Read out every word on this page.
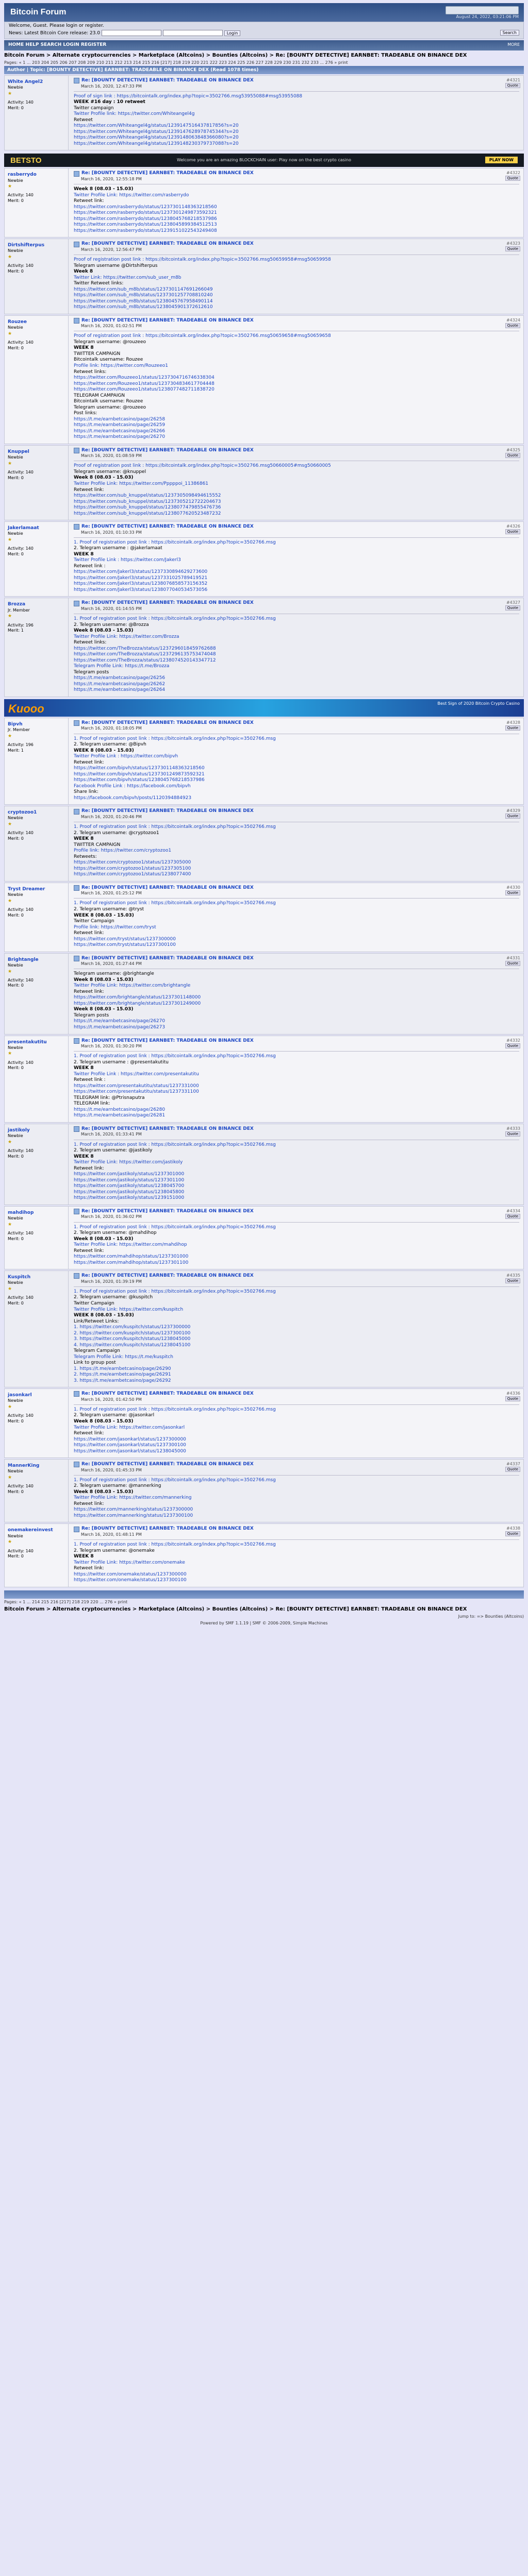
Bitcoin Forum
August 24, 2022, 03:21:06 PM
Welcome, Guest. Please login or register.
News: Latest Bitcoin Core release: 23.0	Login	Search
HOME HELP SEARCH LOGIN REGISTER	MORE
Bitcoin Forum > Alternate cryptocurrencies > Marketplace (Altcoins) > Bounties (Altcoins) > Re: [BOUNTY DETECTIVE] EARNBET: TRADEABLE ON BINANCE DEX
Pages: « 1 ... 203 204 205 206 207 208 209 210 211 212 213 214 215 216 [217] 218 219 220 221 222 223 224 225 226 227 228 229 230 231 232 233 ... 276 » print
Author | Topic: [BOUNTY DETECTIVE] EARNBET: TRADEABLE ON BINANCE DEX (Read 1078 times)
White Angel2
Newbie
★
Activity: 140
Merit: 0
Re: [BOUNTY DETECTIVE] EARNBET: TRADEABLE ON BINANCE DEX
March 16, 2020, 12:47:33 PM
Proof of sign link : https://bitcointalk.org/index.php?topic=3502766.msg53955088#msg53955088
WEEK #16 day : 10 retweet
Twitter campaign
Twitter Profile link: https://twitter.com/Whiteangel4g
Retweet
https://twitter.com/Whiteangel4g/status/1239147516437817856?s=20
https://twitter.com/Whiteangel4g/status/1239147628978745344?s=20
https://twitter.com/Whiteangel4g/status/1239148063848366080?s=20
https://twitter.com/Whiteangel4g/status/1239148230379737088?s=20
#4321
Quote
BETSTO	Welcome you are an amazing BLOCKCHAIN user: Play now on the best crypto casino	PLAY NOW
rasberrydo
Newbie
★
Activity: 140
Merit: 0
Re: [BOUNTY DETECTIVE] EARNBET: TRADEABLE ON BINANCE DEX
March 16, 2020, 12:55:18 PM
Week 8 (08.03 - 15.03)
Twitter Profile Link: https://twitter.com/rasberrydo
Retweet link:
https://twitter.com/rasberrydo/status/1237301148363218560
https://twitter.com/rasberrydo/status/1237301249873592321
https://twitter.com/rasberrydo/status/1238045768218537986
https://twitter.com/rasberrydo/status/1238045899384512513
https://twitter.com/rasberrydo/status/1239151022543249408
#4322
Quote
Dirtshifterpus
Newbie
★
Activity: 140
Merit: 0
Re: [BOUNTY DETECTIVE] EARNBET: TRADEABLE ON BINANCE DEX
March 16, 2020, 12:56:47 PM
Proof of registration post link : https://bitcointalk.org/index.php?topic=3502766.msg50659958#msg50659958
Telegram username @Dirtshifterpus
Week 8
Twitter Link: https://twitter.com/sub_user_m8b
Twitter Retweet links:
https://twitter.com/sub_m8b/status/1237301147691266049
https://twitter.com/sub_m8b/status/1237301257708810240
https://twitter.com/sub_m8b/status/1238045767958490114
https://twitter.com/sub_m8b/status/1238045901372612610
#4323
Quote
Rouzee
Newbie
★
Activity: 140
Merit: 0
Re: [BOUNTY DETECTIVE] EARNBET: TRADEABLE ON BINANCE DEX
March 16, 2020, 01:02:51 PM
Proof of registration post link : https://bitcointalk.org/index.php?topic=3502766.msg50659658#msg50659658
Telegram username: @rouzeeo
WEEK 8
TWITTER CAMPAIGN
Bitcointalk username: Rouzee
Profile link: https://twitter.com/Rouzeeo1
Retweet links:
https://twitter.com/Rouzeeo1/status/1237304716746338304
https://twitter.com/Rouzeeo1/status/1237304834617704448
https://twitter.com/Rouzeeo1/status/1238077482711838720
TELEGRAM CAMPAIGN
Bitcointalk username: Rouzee
Telegram username: @rouzeeo
Post links:
https://t.me/earnbetcasino/page/26258
https://t.me/earnbetcasino/page/26259
https://t.me/earnbetcasino/page/26266
https://t.me/earnbetcasino/page/26270
#4324
Quote
Knuppel
Newbie
★
Activity: 140
Merit: 0
Re: [BOUNTY DETECTIVE] EARNBET: TRADEABLE ON BINANCE DEX
March 16, 2020, 01:08:59 PM
Proof of registration post link : https://bitcointalk.org/index.php?topic=3502766.msg50660005#msg50660005
Telegram username: @knuppel
Week 8 (08.03 - 15.03)
Twitter Profile Link: https://twitter.com/Pppppoi_11386861
Retweet link:
https://twitter.com/sub_knuppel/status/1237305098494615552
https://twitter.com/sub_knuppel/status/1237305212722204673
https://twitter.com/sub_knuppel/status/1238077479855476736
https://twitter.com/sub_knuppel/status/1238077620523487232
#4325
Quote
Jakerlamaat
Newbie
★
Activity: 140
Merit: 0
Re: [BOUNTY DETECTIVE] EARNBET: TRADEABLE ON BINANCE DEX
March 16, 2020, 01:10:33 PM
1. Proof of registration post link : https://bitcointalk.org/index.php?topic=3502766.msg
2. Telegram username : @jakerlamaat
WEEK 8
Twitter Profile Link : https://twitter.com/Jakerl3
Retweet link :
https://twitter.com/Jakerl3/status/1237330894629273600
https://twitter.com/Jakerl3/status/1237331025789419521
https://twitter.com/Jakerl3/status/1238076858573156352
https://twitter.com/Jakerl3/status/1238077040534573056
#4326
Quote
Brozza
Jr. Member
★
Activity: 196
Merit: 1
Re: [BOUNTY DETECTIVE] EARNBET: TRADEABLE ON BINANCE DEX
March 16, 2020, 01:14:55 PM
1. Proof of registration post link : https://bitcointalk.org/index.php?topic=3502766.msg
2. Telegram username: @Brozza
Week 8 (08.03 - 15.03)
Twitter Profile Link: https://twitter.com/Brozza
Retweet links:
https://twitter.com/TheBrozza/status/1237296018459762688
https://twitter.com/TheBrozza/status/1237296135753474048
https://twitter.com/TheBrozza/status/1238074520143347712
Telegram Profile Link: https://t.me/Brozza
Telegram posts
https://t.me/earnbetcasino/page/26256
https://t.me/earnbetcasino/page/26262
https://t.me/earnbetcasino/page/26264
#4327
Quote
Kuooo	Best Sign of 2020 Bitcoin Crypto Casino
Bipvh
Jr. Member
★
Activity: 196
Merit: 1
Re: [BOUNTY DETECTIVE] EARNBET: TRADEABLE ON BINANCE DEX
March 16, 2020, 01:18:05 PM
1. Proof of registration post link : https://bitcointalk.org/index.php?topic=3502766.msg
2. Telegram username: @Bipvh
WEEK 8 (08.03 - 15.03)
Twitter Profile Link : https://twitter.com/bipvh
Retweet link:
https://twitter.com/bipvh/status/1237301148363218560
https://twitter.com/bipvh/status/1237301249873592321
https://twitter.com/bipvh/status/1238045768218537986
Facebook Profile Link : https://facebook.com/bipvh
Share link:
https://facebook.com/bipvh/posts/1120394884923
#4328
Quote
cryptozoo1
Newbie
★
Activity: 140
Merit: 0
Re: [BOUNTY DETECTIVE] EARNBET: TRADEABLE ON BINANCE DEX
March 16, 2020, 01:20:46 PM
1. Proof of registration post link : https://bitcointalk.org/index.php?topic=3502766.msg
2. Telegram username: @cryptozoo1
WEEK 8
TWITTER CAMPAIGN
Profile link: https://twitter.com/cryptozoo1
Retweets:
https://twitter.com/cryptozoo1/status/1237305000
https://twitter.com/cryptozoo1/status/1237305100
https://twitter.com/cryptozoo1/status/1238077400
#4329
Quote
Tryst Dreamer
Newbie
★
Activity: 140
Merit: 0
Re: [BOUNTY DETECTIVE] EARNBET: TRADEABLE ON BINANCE DEX
March 16, 2020, 01:25:12 PM
1. Proof of registration post link : https://bitcointalk.org/index.php?topic=3502766.msg
2. Telegram username: @tryst
WEEK 8 (08.03 - 15.03)
Twitter Campaign
Profile link: https://twitter.com/tryst
Retweet link:
https://twitter.com/tryst/status/1237300000
https://twitter.com/tryst/status/1237300100
#4330
Quote
Brightangle
Newbie
★
Activity: 140
Merit: 0
Re: [BOUNTY DETECTIVE] EARNBET: TRADEABLE ON BINANCE DEX
March 16, 2020, 01:27:44 PM
Telegram username: @brightangle
Week 8 (08.03 - 15.03)
Twitter Profile Link: https://twitter.com/brightangle
Retweet link:
https://twitter.com/brightangle/status/1237301148000
https://twitter.com/brightangle/status/1237301249000
Week 8 (08.03 - 15.03)
Telegram posts
https://t.me/earnbetcasino/page/26270
https://t.me/earnbetcasino/page/26273
#4331
Quote
presentakutitu
Newbie
★
Activity: 140
Merit: 0
Re: [BOUNTY DETECTIVE] EARNBET: TRADEABLE ON BINANCE DEX
March 16, 2020, 01:30:20 PM
1. Proof of registration post link : https://bitcointalk.org/index.php?topic=3502766.msg
2. Telegram username : @presentakutitu
WEEK 8
Twitter Profile Link : https://twitter.com/presentakutitu
Retweet link :
https://twitter.com/presentakutitu/status/1237331000
https://twitter.com/presentakutitu/status/1237331100
TELEGRAM link: @Ptrisnaputra
TELEGRAM link:
https://t.me/earnbetcasino/page/26280
https://t.me/earnbetcasino/page/26281
#4332
Quote
jastikoly
Newbie
★
Activity: 140
Merit: 0
Re: [BOUNTY DETECTIVE] EARNBET: TRADEABLE ON BINANCE DEX
March 16, 2020, 01:33:41 PM
1. Proof of registration post link : https://bitcointalk.org/index.php?topic=3502766.msg
2. Telegram username: @jastikoly
WEEK 8
Twitter Profile Link: https://twitter.com/jastikoly
Retweet link:
https://twitter.com/jastikoly/status/1237301000
https://twitter.com/jastikoly/status/1237301100
https://twitter.com/jastikoly/status/1238045700
https://twitter.com/jastikoly/status/1238045800
https://twitter.com/jastikoly/status/1239151000
#4333
Quote
mahdihop
Newbie
★
Activity: 140
Merit: 0
Re: [BOUNTY DETECTIVE] EARNBET: TRADEABLE ON BINANCE DEX
March 16, 2020, 01:36:02 PM
1. Proof of registration post link : https://bitcointalk.org/index.php?topic=3502766.msg
2. Telegram username: @mahdihop
Week 8 (08.03 - 15.03)
Twitter Profile Link: https://twitter.com/mahdihop
Retweet link:
https://twitter.com/mahdihop/status/1237301000
https://twitter.com/mahdihop/status/1237301100
#4334
Quote
Kuspitch
Newbie
★
Activity: 140
Merit: 0
Re: [BOUNTY DETECTIVE] EARNBET: TRADEABLE ON BINANCE DEX
March 16, 2020, 01:39:19 PM
1. Proof of registration post link : https://bitcointalk.org/index.php?topic=3502766.msg
2. Telegram username: @kuspitch
Twitter Campaign
Twitter Profile Link: https://twitter.com/kuspitch
WEEK 8 (08.03 - 15.03)
Link/Retweet Links:
1. https://twitter.com/kuspitch/status/1237300000
2. https://twitter.com/kuspitch/status/1237300100
3. https://twitter.com/kuspitch/status/1238045000
4. https://twitter.com/kuspitch/status/1238045100
Telegram Campaign
Telegram Profile Link: https://t.me/kuspitch
Link to group post
1. https://t.me/earnbetcasino/page/26290
2. https://t.me/earnbetcasino/page/26291
3. https://t.me/earnbetcasino/page/26292
#4335
Quote
jasonkarl
Newbie
★
Activity: 140
Merit: 0
Re: [BOUNTY DETECTIVE] EARNBET: TRADEABLE ON BINANCE DEX
March 16, 2020, 01:42:50 PM
1. Proof of registration post link : https://bitcointalk.org/index.php?topic=3502766.msg
2. Telegram username: @jasonkarl
Week 8 (08.03 - 15.03)
Twitter Profile Link: https://twitter.com/jasonkarl
Retweet link:
https://twitter.com/jasonkarl/status/1237300000
https://twitter.com/jasonkarl/status/1237300100
https://twitter.com/jasonkarl/status/1238045000
#4336
Quote
MannerKing
Newbie
★
Activity: 140
Merit: 0
Re: [BOUNTY DETECTIVE] EARNBET: TRADEABLE ON BINANCE DEX
March 16, 2020, 01:45:33 PM
1. Proof of registration post link : https://bitcointalk.org/index.php?topic=3502766.msg
2. Telegram username: @mannerking
Week 8 (08.03 - 15.03)
Twitter Profile Link: https://twitter.com/mannerking
Retweet link:
https://twitter.com/mannerking/status/1237300000
https://twitter.com/mannerking/status/1237300100
#4337
Quote
onemakereinvest
Newbie
★
Activity: 140
Merit: 0
Re: [BOUNTY DETECTIVE] EARNBET: TRADEABLE ON BINANCE DEX
March 16, 2020, 01:48:11 PM
1. Proof of registration post link : https://bitcointalk.org/index.php?topic=3502766.msg
2. Telegram username: @onemake
WEEK 8
Twitter Profile Link: https://twitter.com/onemake
Retweet link:
https://twitter.com/onemake/status/1237300000
https://twitter.com/onemake/status/1237300100
#4338
Quote
Pages: « 1 ... 214 215 216 [217] 218 219 220 ... 276 » print
Bitcoin Forum > Alternate cryptocurrencies > Marketplace (Altcoins) > Bounties (Altcoins) > Re: [BOUNTY DETECTIVE] EARNBET: TRADEABLE ON BINANCE DEX
Jump to: => Bounties (Altcoins)
Powered by SMF 1.1.19 | SMF © 2006-2009, Simple Machines
